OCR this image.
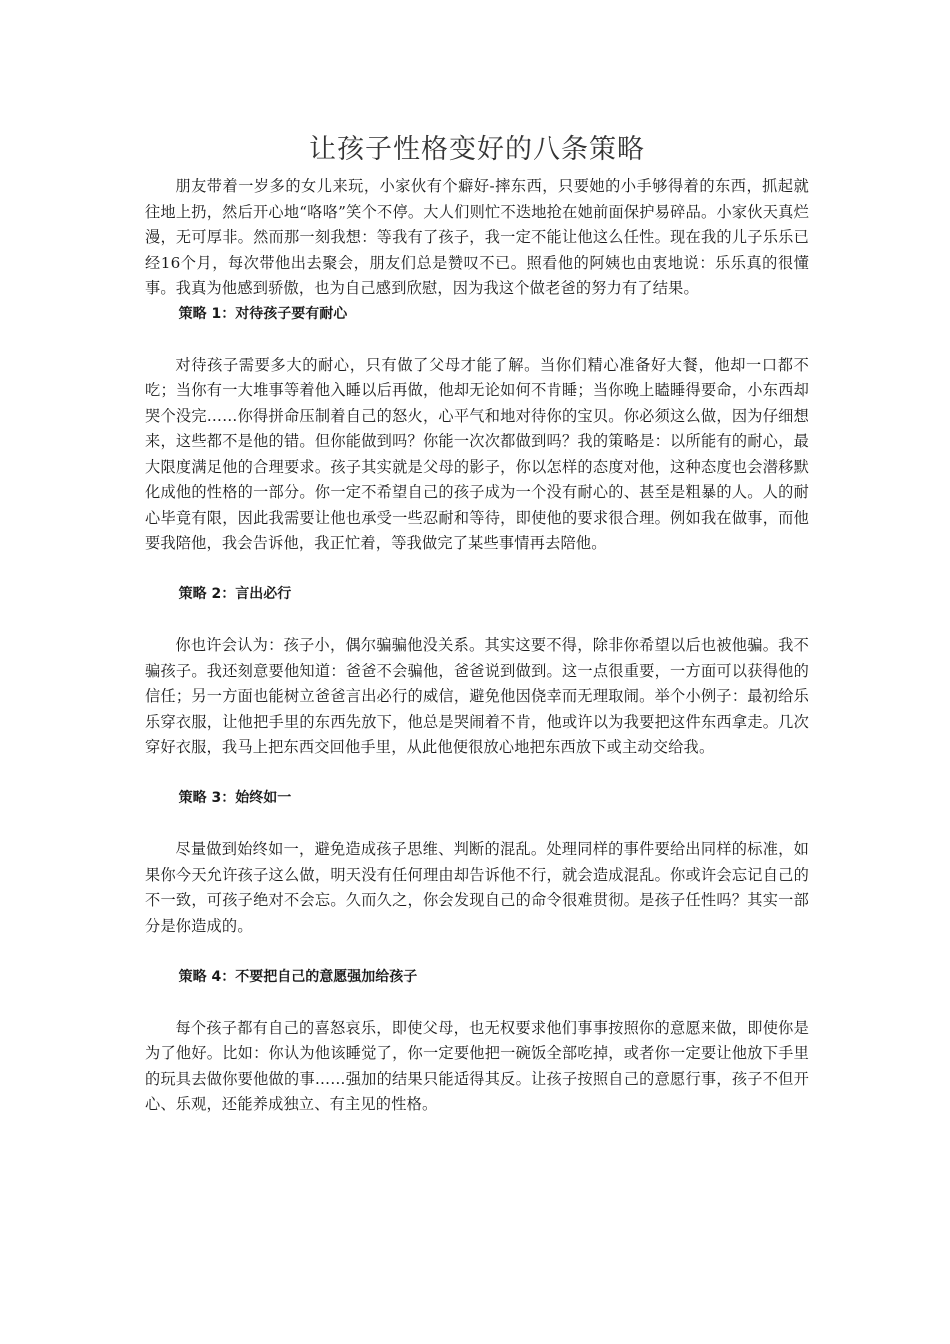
让孩子性格变好的八条策略

朋友带着一岁多的女儿来玩，小家伙有个癖好-摔东西，只要她的小手够得着的东西，抓起就往地上扔，然后开心地“咯咯”笑个不停。大人们则忙不迭地抢在她前面保护易碎品。小家伙天真烂漫，无可厚非。然而那一刻我想：等我有了孩子，我一定不能让他这么任性。现在我的儿子乐乐已经16个月，每次带他出去聚会，朋友们总是赞叹不已。照看他的阿姨也由衷地说：乐乐真的很懂事。我真为他感到骄傲，也为自己感到欣慰，因为我这个做老爸的努力有了结果。

策略 1：对待孩子要有耐心

对待孩子需要多大的耐心，只有做了父母才能了解。当你们精心准备好大餐，他却一口都不吃；当你有一大堆事等着他入睡以后再做，他却无论如何不肯睡；当你晚上瞌睡得要命，小东西却哭个没完……你得拼命压制着自己的怒火，心平气和地对待你的宝贝。你必须这么做，因为仔细想来，这些都不是他的错。但你能做到吗？你能一次次都做到吗？我的策略是：以所能有的耐心，最大限度满足他的合理要求。孩子其实就是父母的影子，你以怎样的态度对他，这种态度也会潜移默化成他的性格的一部分。你一定不希望自己的孩子成为一个没有耐心的、甚至是粗暴的人。人的耐心毕竟有限，因此我需要让他也承受一些忍耐和等待，即使他的要求很合理。例如我在做事，而他要我陪他，我会告诉他，我正忙着，等我做完了某些事情再去陪他。

策略 2：言出必行

你也许会认为：孩子小，偶尔骗骗他没关系。其实这要不得，除非你希望以后也被他骗。我不骗孩子。我还刻意要他知道：爸爸不会骗他，爸爸说到做到。这一点很重要，一方面可以获得他的信任；另一方面也能树立爸爸言出必行的威信，避免他因侥幸而无理取闹。举个小例子：最初给乐乐穿衣服，让他把手里的东西先放下，他总是哭闹着不肯，他或许以为我要把这件东西拿走。几次穿好衣服，我马上把东西交回他手里，从此他便很放心地把东西放下或主动交给我。

策略 3：始终如一

尽量做到始终如一，避免造成孩子思维、判断的混乱。处理同样的事件要给出同样的标准，如果你今天允许孩子这么做，明天没有任何理由却告诉他不行，就会造成混乱。你或许会忘记自己的不一致，可孩子绝对不会忘。久而久之，你会发现自己的命令很难贯彻。是孩子任性吗？其实一部分是你造成的。

策略 4：不要把自己的意愿强加给孩子

每个孩子都有自己的喜怒哀乐，即使父母，也无权要求他们事事按照你的意愿来做，即使你是为了他好。比如：你认为他该睡觉了，你一定要他把一碗饭全部吃掉，或者你一定要让他放下手里的玩具去做你要他做的事……强加的结果只能适得其反。让孩子按照自己的意愿行事，孩子不但开心、乐观，还能养成独立、有主见的性格。
